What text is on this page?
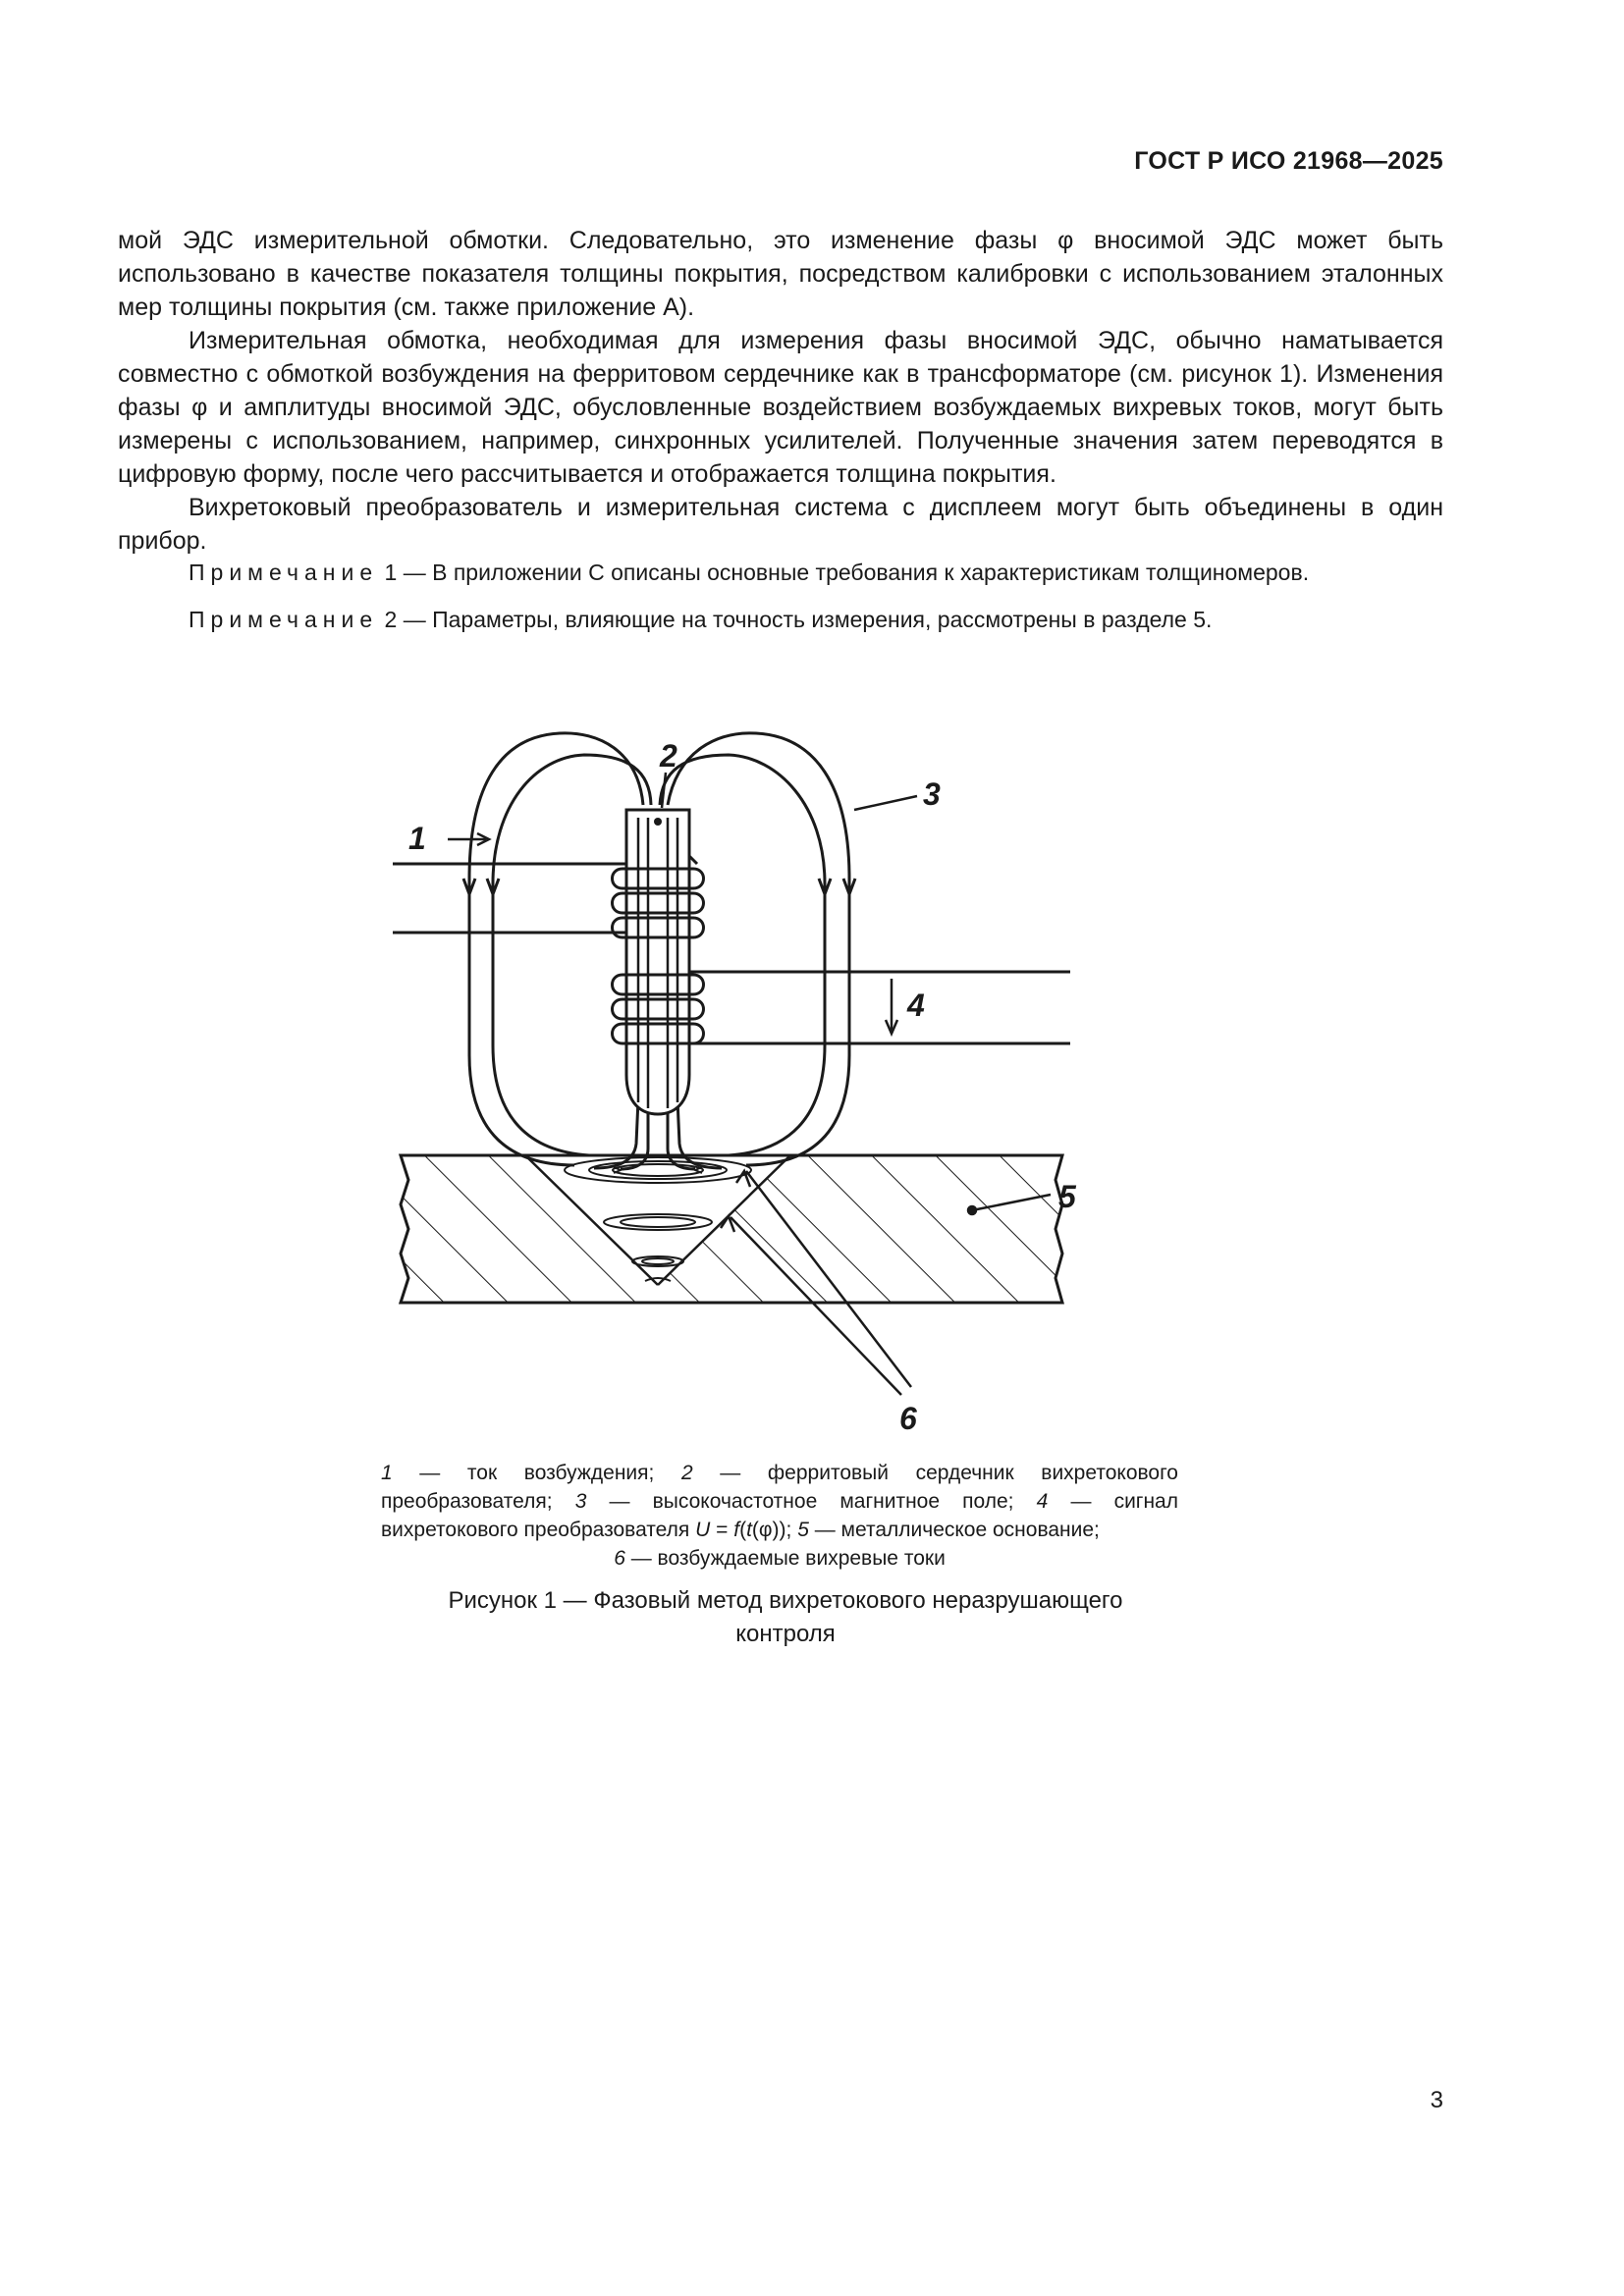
ГОСТ Р ИСО 21968—2025

мой ЭДС измерительной обмотки. Следовательно, это изменение фазы φ вносимой ЭДС может быть использовано в качестве показателя толщины покрытия, посредством калибровки с использованием эталонных мер толщины покрытия (см. также приложение А).

Измерительная обмотка, необходимая для измерения фазы вносимой ЭДС, обычно наматывается совместно с обмоткой возбуждения на ферритовом сердечнике как в трансформаторе (см. рисунок 1). Изменения фазы φ и амплитуды вносимой ЭДС, обусловленные воздействием возбуждаемых вихревых токов, могут быть измерены с использованием, например, синхронных усилителей. Полученные значения затем переводятся в цифровую форму, после чего рассчитывается и отображается толщина покрытия.

Вихретоковый преобразователь и измерительная система с дисплеем могут быть объединены в один прибор.

Примечание 1 — В приложении С описаны основные требования к характеристикам толщиномеров.

Примечание 2 — Параметры, влияющие на точность измерения, рассмотрены в разделе 5.

1
2
3
4
5
6
1 — ток возбуждения; 2 — ферритовый сердечник вихретокового преобразователя; 3 — высокочастотное магнитное поле; 4 — сигнал вихретокового преобразователя U = f(t(φ)); 5 — металлическое основание;
6 — возбуждаемые вихревые токи
Рисунок 1 — Фазовый метод вихретокового неразрушающего контроля
3
